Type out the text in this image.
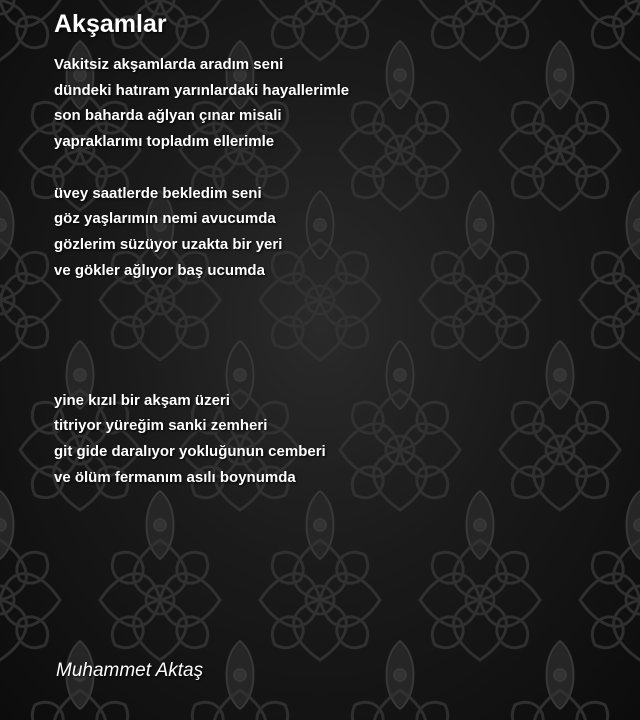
Akşamlar
Vakitsiz akşamlarda aradım seni
dündeki hatıram yarınlardaki hayallerimle
son baharda ağlyan çınar misali
yapraklarımı topladım ellerimle
üvey saatlerde bekledim seni
göz yaşlarımın nemi avucumda
gözlerim süzüyor uzakta bir yeri
ve gökler ağlıyor baş ucumda
yine kızıl bir akşam üzeri
titriyor yüreğim sanki zemheri
git gide daralıyor yokluğunun cemberi
ve ölüm fermanım asılı boynumda

Muhammet Aktaş
